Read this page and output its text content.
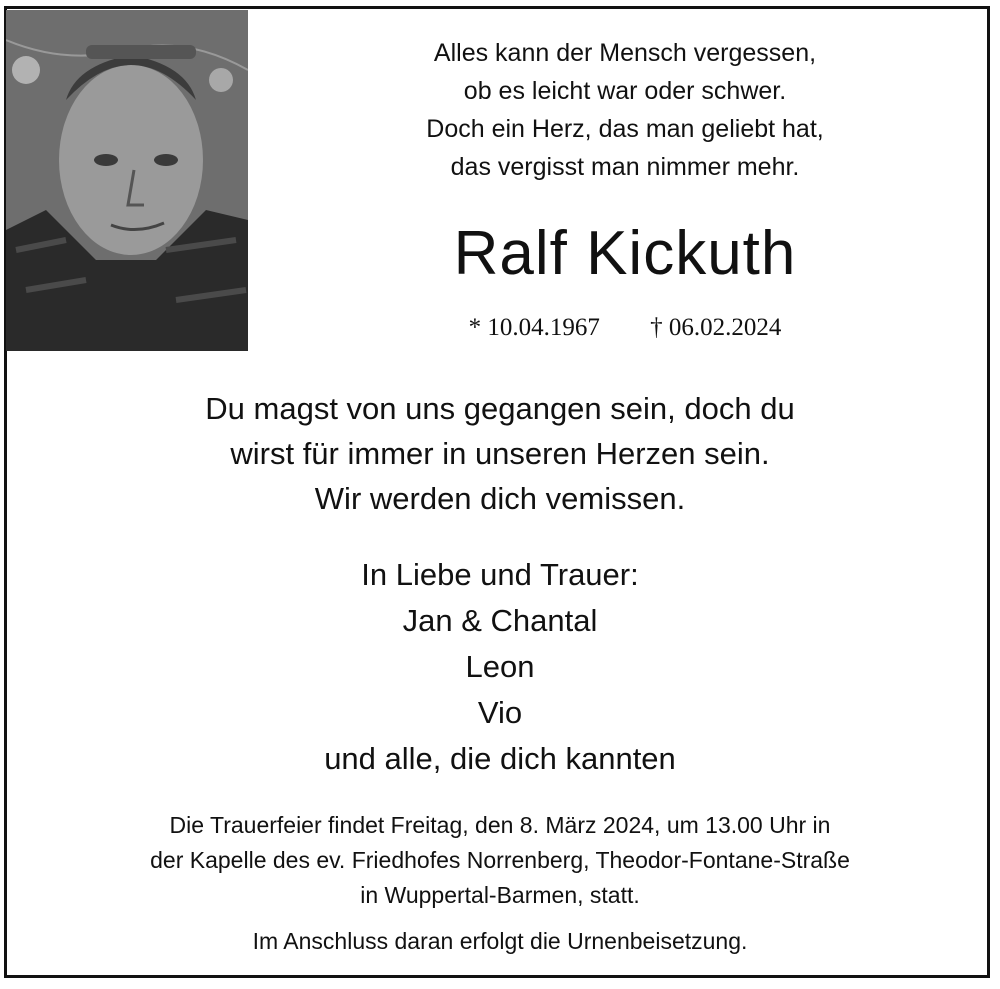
Alles kann der Mensch vergessen,
ob es leicht war oder schwer.
Doch ein Herz, das man geliebt hat,
das vergisst man nimmer mehr.
Ralf Kickuth
* 10.04.1967 † 06.02.2024
Du magst von uns gegangen sein, doch du
wirst für immer in unseren Herzen sein.
Wir werden dich vemissen.
In Liebe und Trauer:
Jan & Chantal
Leon
Vio
und alle, die dich kannten
Die Trauerfeier findet Freitag, den 8. März 2024, um 13.00 Uhr in
der Kapelle des ev. Friedhofes Norrenberg, Theodor-Fontane-Straße
in Wuppertal-Barmen, statt.
Im Anschluss daran erfolgt die Urnenbeisetzung.
